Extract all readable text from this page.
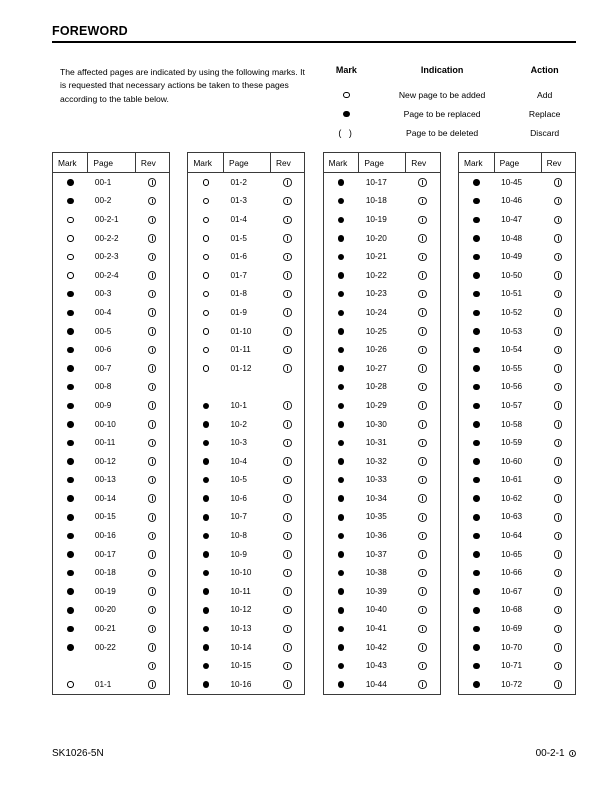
FOREWORD
The affected pages are indicated by using the following marks. It is requested that necessary actions be taken to these pages according to the table below.
Mark	Indication	Action
	New page to be added	Add
	Page to be replaced	Replace
( )	Page to be deleted	Discard
Mark	Page	Rev
	00-1	
	00-2	
	00-2-1	
	00-2-2	
	00-2-3	
	00-2-4	
	00-3	
	00-4	
	00-5	
	00-6	
	00-7	
	00-8	
	00-9	
	00-10	
	00-11	
	00-12	
	00-13	
	00-14	
	00-15	
	00-16	
	00-17	
	00-18	
	00-19	
	00-20	
	00-21	
	00-22	

	01-1	
Mark	Page	Rev
	01-2	
	01-3	
	01-4	
	01-5	
	01-6	
	01-7	
	01-8	
	01-9	
	01-10	
	01-11	
	01-12	

	10-1	
	10-2	
	10-3	
	10-4	
	10-5	
	10-6	
	10-7	
	10-8	
	10-9	
	10-10	
	10-11	
	10-12	
	10-13	
	10-14	
	10-15	
	10-16	
Mark	Page	Rev
	10-17	
	10-18	
	10-19	
	10-20	
	10-21	
	10-22	
	10-23	
	10-24	
	10-25	
	10-26	
	10-27	
	10-28	
	10-29	
	10-30	
	10-31	
	10-32	
	10-33	
	10-34	
	10-35	
	10-36	
	10-37	
	10-38	
	10-39	
	10-40	
	10-41	
	10-42	
	10-43	
	10-44	
Mark	Page	Rev
	10-45	
	10-46	
	10-47	
	10-48	
	10-49	
	10-50	
	10-51	
	10-52	
	10-53	
	10-54	
	10-55	
	10-56	
	10-57	
	10-58	
	10-59	
	10-60	
	10-61	
	10-62	
	10-63	
	10-64	
	10-65	
	10-66	
	10-67	
	10-68	
	10-69	
	10-70	
	10-71	
	10-72	
SK1026-5N	00-2-1
